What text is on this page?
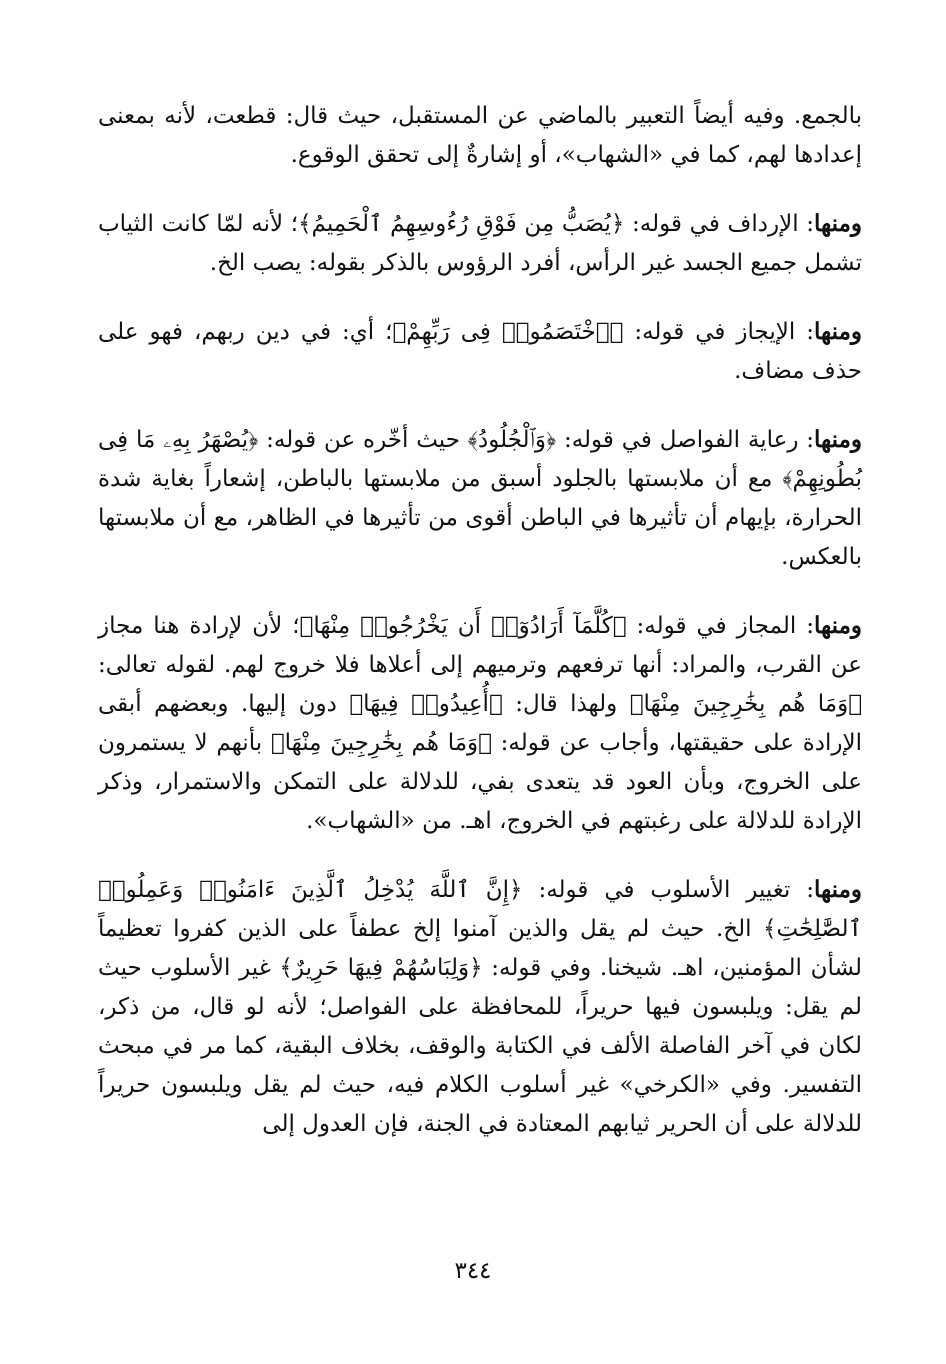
بالجمع. وفيه أيضاً التعبير بالماضي عن المستقبل، حيث قال: قطعت، لأنه بمعنى إعدادها لهم، كما في «الشهاب»، أو إشارةٌ إلى تحقق الوقوع.

ومنها: الإرداف في قوله: ﴿يُصَبُّ مِن فَوْقِ رُءُوسِهِمُ ٱلْحَمِيمُ﴾؛ لأنه لمّا كانت الثياب تشمل جميع الجسد غير الرأس، أفرد الرؤوس بالذكر بقوله: يصب الخ.

ومنها: الإيجاز في قوله: ﴿ٱخْتَصَمُوا۟ فِى رَبِّهِمْ﴾؛ أي: في دين ربهم، فهو على حذف مضاف.

ومنها: رعاية الفواصل في قوله: ﴿وَٱلْجُلُودُ﴾ حيث أخّره عن قوله: ﴿يُصْهَرُ بِهِۦ مَا فِى بُطُونِهِمْ﴾ مع أن ملابستها بالجلود أسبق من ملابستها بالباطن، إشعاراً بغاية شدة الحرارة، بإيهام أن تأثيرها في الباطن أقوى من تأثيرها في الظاهر، مع أن ملابستها بالعكس.

ومنها: المجاز في قوله: ﴿كُلَّمَآ أَرَادُوٓا۟ أَن يَخْرُجُوا۟ مِنْهَا﴾؛ لأن لإرادة هنا مجاز عن القرب، والمراد: أنها ترفعهم وترميهم إلى أعلاها فلا خروج لهم. لقوله تعالى: ﴿وَمَا هُم بِخَٰرِجِينَ مِنْهَا﴾ ولهذا قال: ﴿أُعِيدُوا۟ فِيهَا﴾ دون إليها. وبعضهم أبقى الإرادة على حقيقتها، وأجاب عن قوله: ﴿وَمَا هُم بِخَٰرِجِينَ مِنْهَا﴾ بأنهم لا يستمرون على الخروج، وبأن العود قد يتعدى بفي، للدلالة على التمكن والاستمرار، وذكر الإرادة للدلالة على رغبتهم في الخروج، اهـ. من «الشهاب».

ومنها: تغيير الأسلوب في قوله: ﴿إِنَّ ٱللَّهَ يُدْخِلُ ٱلَّذِينَ ءَامَنُوا۟ وَعَمِلُوا۟ ٱلصَّٰلِحَٰتِ﴾ الخ. حيث لم يقل والذين آمنوا إلخ عطفاً على الذين كفروا تعظيماً لشأن المؤمنين، اهـ. شيخنا. وفي قوله: ﴿وَلِبَاسُهُمْ فِيهَا حَرِيرٌ﴾ غير الأسلوب حيث لم يقل: ويلبسون فيها حريراً، للمحافظة على الفواصل؛ لأنه لو قال، من ذكر، لكان في آخر الفاصلة الألف في الكتابة والوقف، بخلاف البقية، كما مر في مبحث التفسير. وفي «الكرخي» غير أسلوب الكلام فيه، حيث لم يقل ويلبسون حريراً للدلالة على أن الحرير ثيابهم المعتادة في الجنة، فإن العدول إلى

٣٤٤
